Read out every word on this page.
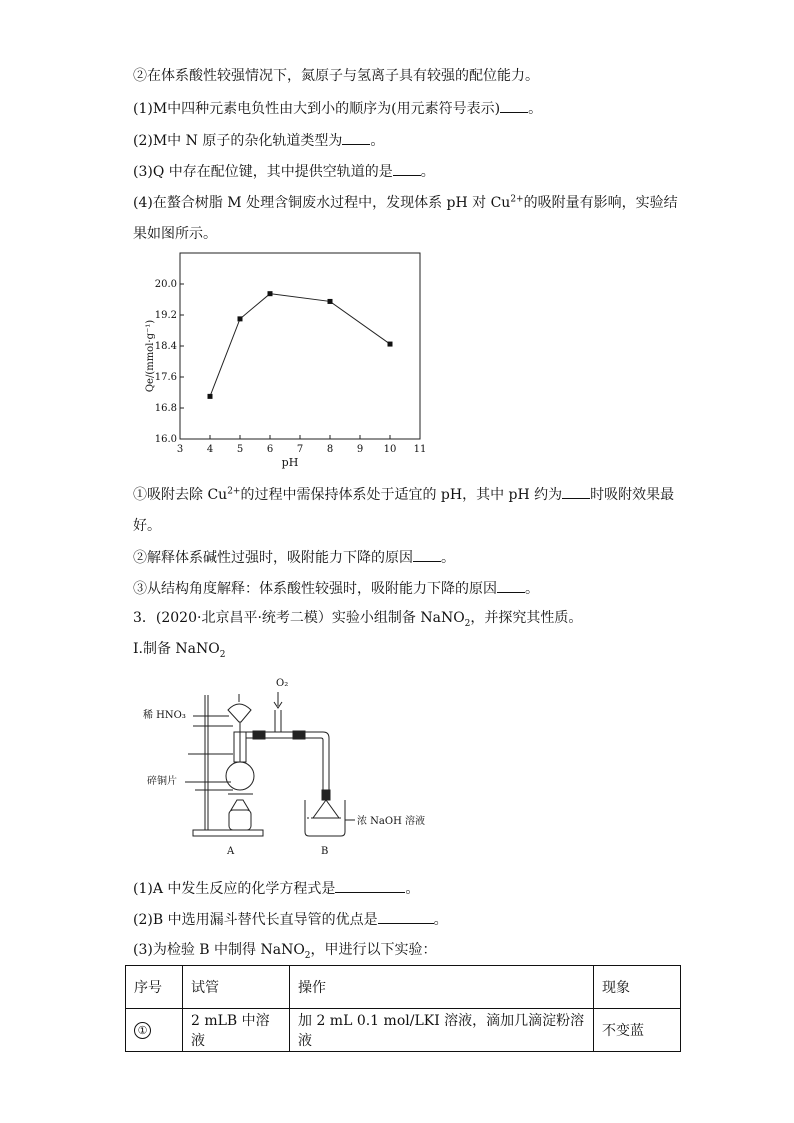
②在体系酸性较强情况下，氮原子与氢离子具有较强的配位能力。
(1)M中四种元素电负性由大到小的顺序为(用元素符号表示) 。
(2)M中 N 原子的杂化轨道类型为 。
(3)Q 中存在配位键，其中提供空轨道的是 。
(4)在螯合树脂 M 处理含铜废水过程中，发现体系 pH 对 $Cu^{2+}$的吸附量有影响，实验结
果如图所示。
3 4 5 6 7 8 9 10 11
16.0
16.8
17.6
18.4
19.2
20.0
pH
Qe/(mmol·g⁻¹)
①吸附去除 $Cu^{2+}$的过程中需保持体系处于适宜的 pH，其中 pH 约为 时吸附效果最
好。
②解释体系碱性过强时，吸附能力下降的原因 。
③从结构角度解释：体系酸性较强时，吸附能力下降的原因 。
3．(2020·北京昌平·统考二模）实验小组制备 NaNO$_2$，并探究其性质。
I.制备 NaNO$_2$
O₂
稀 HNO₃
碎铜片
浓 NaOH 溶液
A	B
(1)A 中发生反应的化学方程式是	。
(2)B 中选用漏斗替代长直导管的优点是	。
(3)为检验 B 中制得 NaNO$_2$，甲进行以下实验：
序号	试管	操作	现象
①	2 mLB 中溶液	加 2 mL 0.1 mol/LKI 溶液，滴加几滴淀粉溶液	不变蓝
